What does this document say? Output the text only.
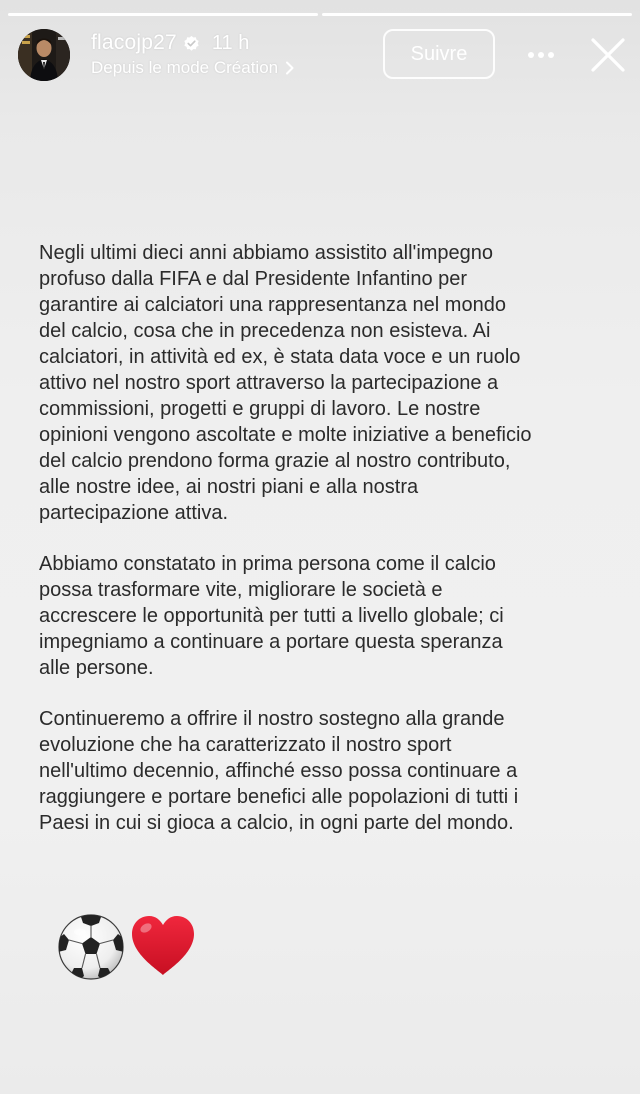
flacojp27 11 h
Depuis le mode Création
Suivre

Negli ultimi dieci anni abbiamo assistito all'impegno
profuso dalla FIFA e dal Presidente Infantino per
garantire ai calciatori una rappresentanza nel mondo
del calcio, cosa che in precedenza non esisteva. Ai
calciatori, in attività ed ex, è stata data voce e un ruolo
attivo nel nostro sport attraverso la partecipazione a
commissioni, progetti e gruppi di lavoro. Le nostre
opinioni vengono ascoltate e molte iniziative a beneficio
del calcio prendono forma grazie al nostro contributo,
alle nostre idee, ai nostri piani e alla nostra
partecipazione attiva.

Abbiamo constatato in prima persona come il calcio
possa trasformare vite, migliorare le società e
accrescere le opportunità per tutti a livello globale; ci
impegniamo a continuare a portare questa speranza
alle persone.

Continueremo a offrire il nostro sostegno alla grande
evoluzione che ha caratterizzato il nostro sport
nell'ultimo decennio, affinché esso possa continuare a
raggiungere e portare benefici alle popolazioni di tutti i
Paesi in cui si gioca a calcio, in ogni parte del mondo.
